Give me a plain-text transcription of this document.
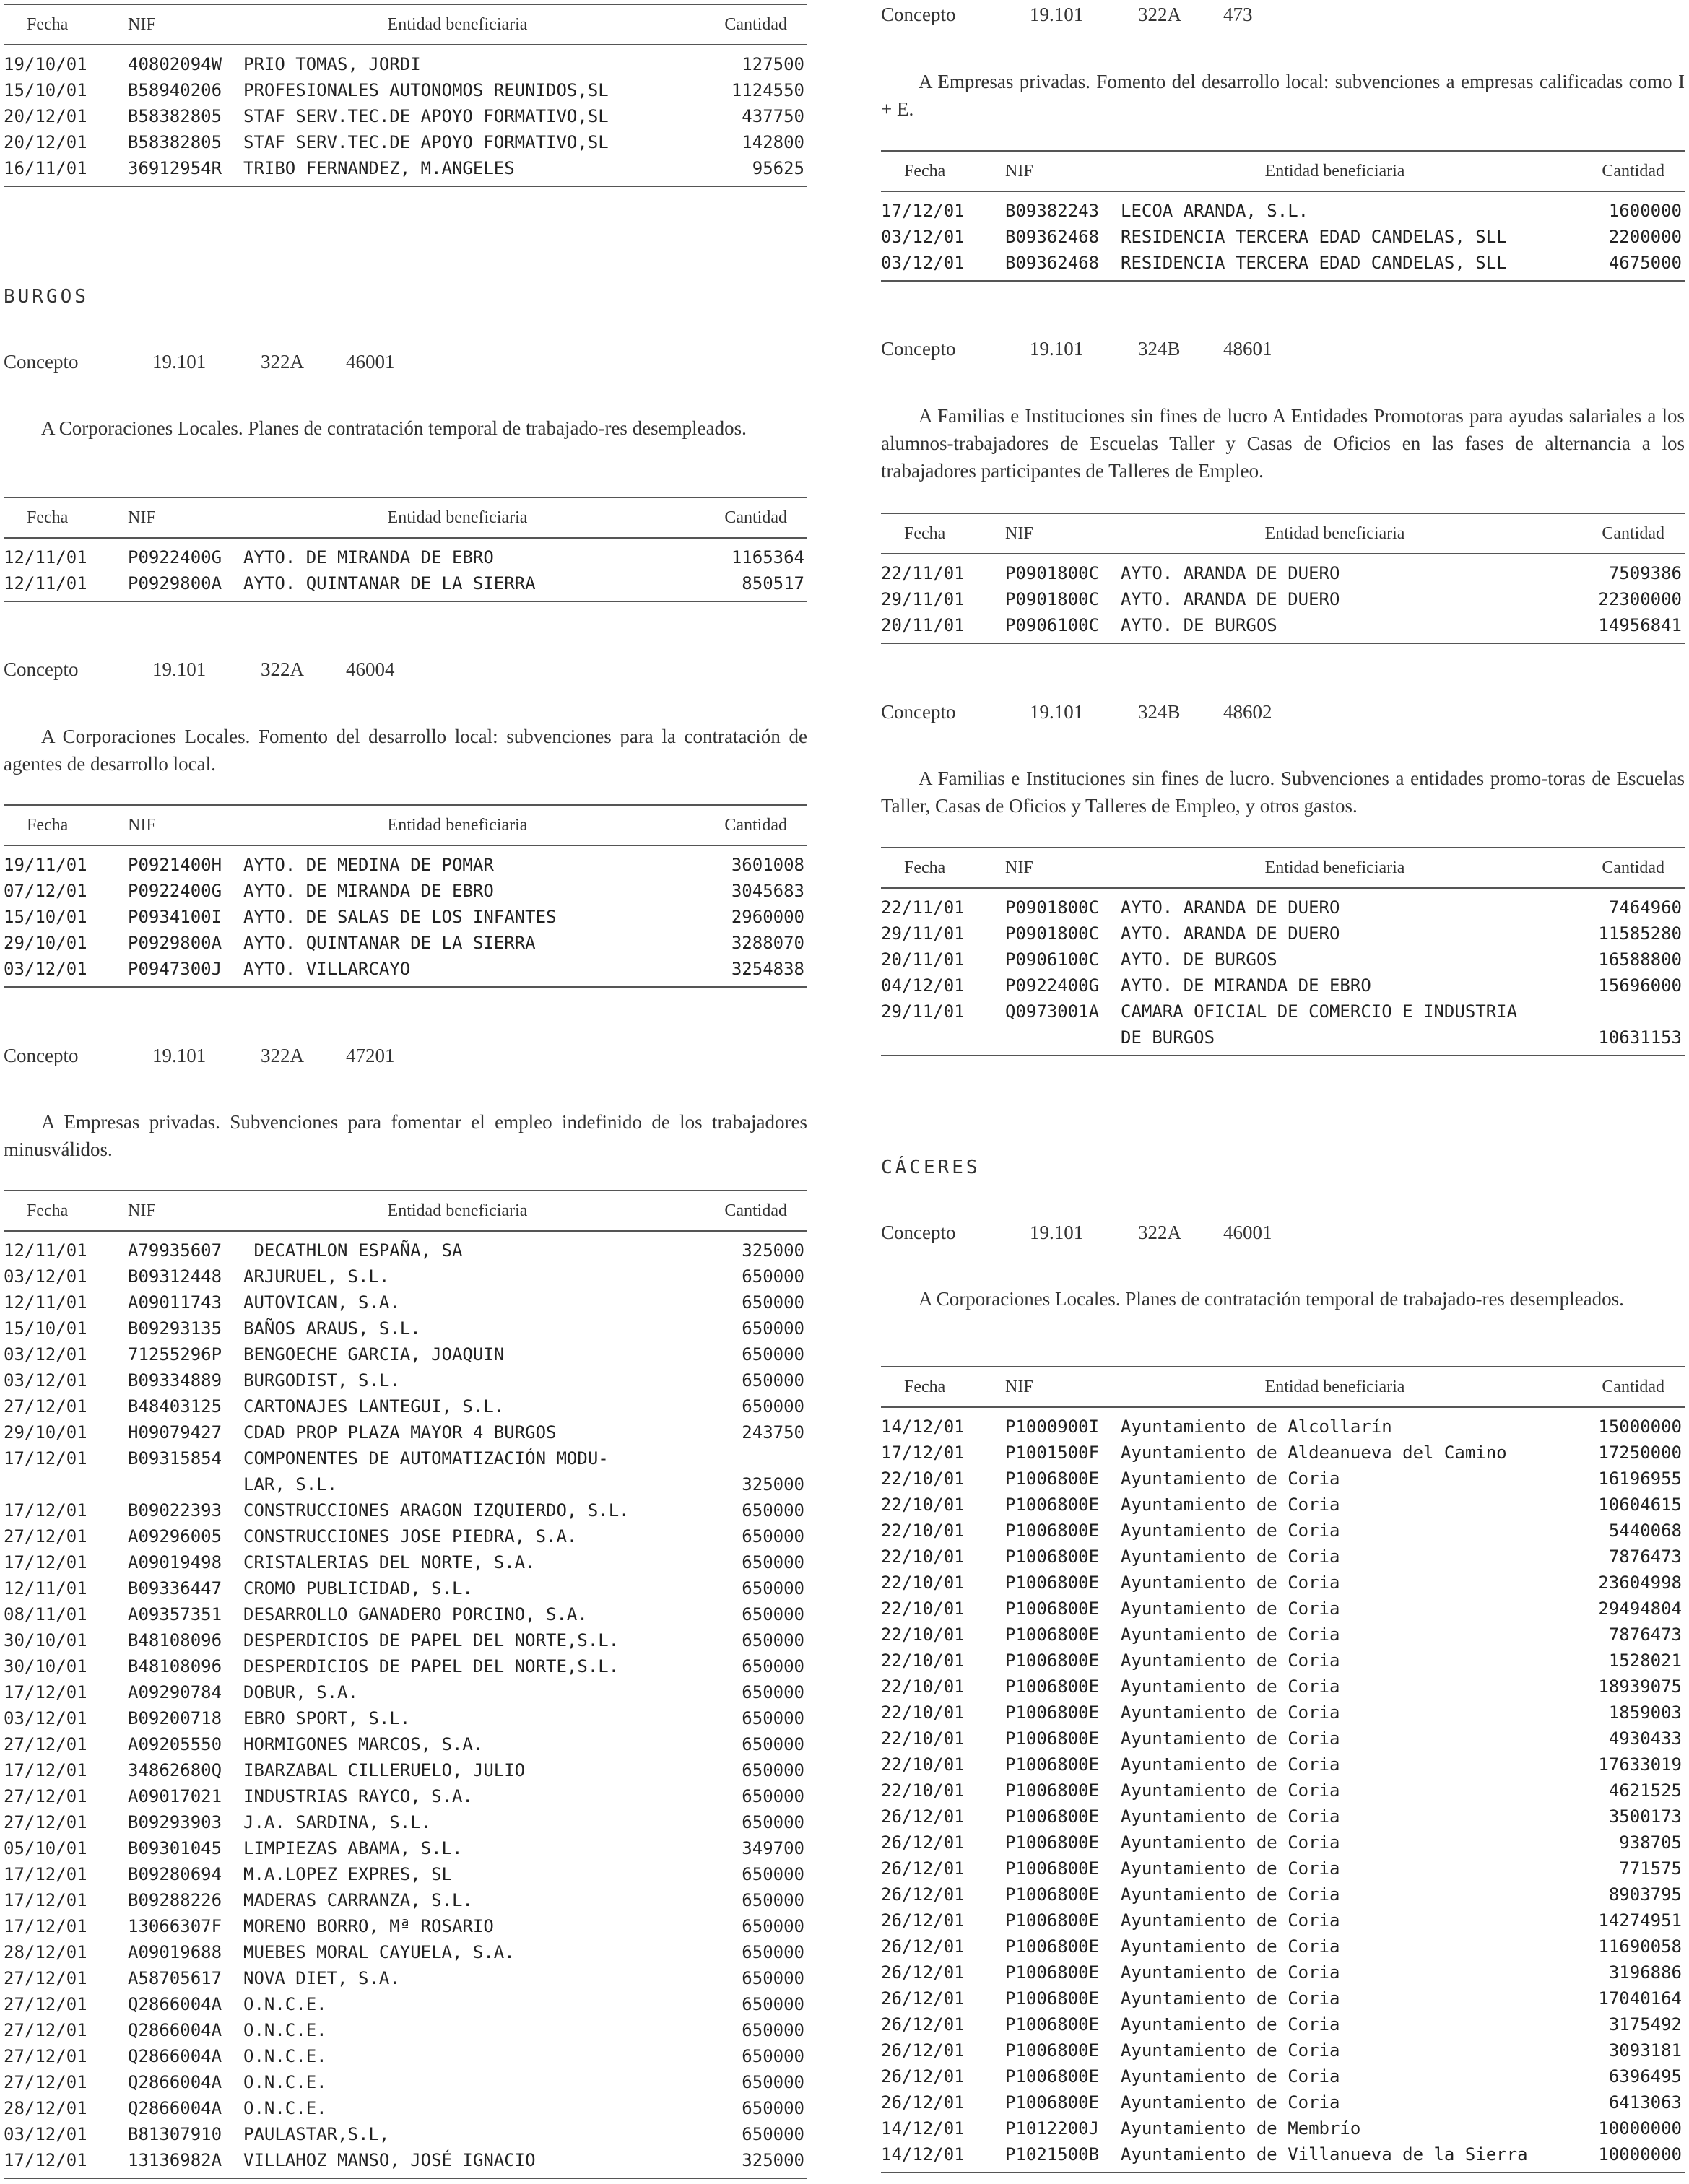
Fecha	NIF	Entidad beneficiaria	Cantidad
19/10/01	40802094W	PRIO TOMAS, JORDI	127500
15/10/01	B58940206	PROFESIONALES AUTONOMOS REUNIDOS,SL	1124550
20/12/01	B58382805	STAF SERV.TEC.DE APOYO FORMATIVO,SL	437750
20/12/01	B58382805	STAF SERV.TEC.DE APOYO FORMATIVO,SL	142800
16/11/01	36912954R	TRIBO FERNANDEZ, M.ANGELES	95625
BURGOS
Concepto	19.101	322A 46001
A Corporaciones Locales. Planes de contratación temporal de trabajado-res desempleados.
Fecha	NIF	Entidad beneficiaria	Cantidad
12/11/01	P0922400G	AYTO. DE MIRANDA DE EBRO	1165364
12/11/01	P0929800A	AYTO. QUINTANAR DE LA SIERRA	850517
Concepto	19.101	322A 46004
A Corporaciones Locales. Fomento del desarrollo local: subvenciones para la contratación de agentes de desarrollo local.
Fecha	NIF	Entidad beneficiaria	Cantidad
19/11/01	P0921400H	AYTO. DE MEDINA DE POMAR	3601008
07/12/01	P0922400G	AYTO. DE MIRANDA DE EBRO	3045683
15/10/01	P0934100I	AYTO. DE SALAS DE LOS INFANTES	2960000
29/10/01	P0929800A	AYTO. QUINTANAR DE LA SIERRA	3288070
03/12/01	P0947300J	AYTO. VILLARCAYO	3254838
Concepto	19.101	322A 47201
A Empresas privadas. Subvenciones para fomentar el empleo indefinido de los trabajadores minusválidos.
Fecha	NIF	Entidad beneficiaria	Cantidad
12/11/01	A79935607	DECATHLON ESPAÑA, SA	325000
03/12/01	B09312448	ARJURUEL, S.L.	650000
12/11/01	A09011743	AUTOVICAN, S.A.	650000
15/10/01	B09293135	BAÑOS ARAUS, S.L.	650000
03/12/01	71255296P	BENGOECHE GARCIA, JOAQUIN	650000
03/12/01	B09334889	BURGODIST, S.L.	650000
27/12/01	B48403125	CARTONAJES LANTEGUI, S.L.	650000
29/10/01	H09079427	CDAD PROP PLAZA MAYOR 4 BURGOS	243750
17/12/01	B09315854	COMPONENTES DE AUTOMATIZACIÓN MODU-
LAR, S.L.	325000
17/12/01	B09022393	CONSTRUCCIONES ARAGON IZQUIERDO, S.L.	650000
27/12/01	A09296005	CONSTRUCCIONES JOSE PIEDRA, S.A.	650000
17/12/01	A09019498	CRISTALERIAS DEL NORTE, S.A.	650000
12/11/01	B09336447	CROMO PUBLICIDAD, S.L.	650000
08/11/01	A09357351	DESARROLLO GANADERO PORCINO, S.A.	650000
30/10/01	B48108096	DESPERDICIOS DE PAPEL DEL NORTE,S.L.	650000
30/10/01	B48108096	DESPERDICIOS DE PAPEL DEL NORTE,S.L.	650000
17/12/01	A09290784	DOBUR, S.A.	650000
03/12/01	B09200718	EBRO SPORT, S.L.	650000
27/12/01	A09205550	HORMIGONES MARCOS, S.A.	650000
17/12/01	34862680Q	IBARZABAL CILLERUELO, JULIO	650000
27/12/01	A09017021	INDUSTRIAS RAYCO, S.A.	650000
27/12/01	B09293903	J.A. SARDINA, S.L.	650000
05/10/01	B09301045	LIMPIEZAS ABAMA, S.L.	349700
17/12/01	B09280694	M.A.LOPEZ EXPRES, SL	650000
17/12/01	B09288226	MADERAS CARRANZA, S.L.	650000
17/12/01	13066307F	MORENO BORRO, Mª ROSARIO	650000
28/12/01	A09019688	MUEBES MORAL CAYUELA, S.A.	650000
27/12/01	A58705617	NOVA DIET, S.A.	650000
27/12/01	Q2866004A	O.N.C.E.	650000
27/12/01	Q2866004A	O.N.C.E.	650000
27/12/01	Q2866004A	O.N.C.E.	650000
27/12/01	Q2866004A	O.N.C.E.	650000
28/12/01	Q2866004A	O.N.C.E.	650000
03/12/01	B81307910	PAULASTAR,S.L,	650000
17/12/01	13136982A	VILLAHOZ MANSO, JOSÉ IGNACIO	325000
Concepto	19.101	322A 473
A Empresas privadas. Fomento del desarrollo local: subvenciones a empresas calificadas como I + E.
Fecha	NIF	Entidad beneficiaria	Cantidad
17/12/01	B09382243	LECOA ARANDA, S.L.	1600000
03/12/01	B09362468	RESIDENCIA TERCERA EDAD CANDELAS, SLL	2200000
03/12/01	B09362468	RESIDENCIA TERCERA EDAD CANDELAS, SLL	4675000
Concepto	19.101	324B 48601
A Familias e Instituciones sin fines de lucro A Entidades Promotoras para ayudas salariales a los alumnos-trabajadores de Escuelas Taller y Casas de Oficios en las fases de alternancia a los trabajadores participantes de Talleres de Empleo.
Fecha	NIF	Entidad beneficiaria	Cantidad
22/11/01	P0901800C	AYTO. ARANDA DE DUERO	7509386
29/11/01	P0901800C	AYTO. ARANDA DE DUERO	22300000
20/11/01	P0906100C	AYTO. DE BURGOS	14956841
Concepto	19.101	324B 48602
A Familias e Instituciones sin fines de lucro. Subvenciones a entidades promo-toras de Escuelas Taller, Casas de Oficios y Talleres de Empleo, y otros gastos.
Fecha	NIF	Entidad beneficiaria	Cantidad
22/11/01	P0901800C	AYTO. ARANDA DE DUERO	7464960
29/11/01	P0901800C	AYTO. ARANDA DE DUERO	11585280
20/11/01	P0906100C	AYTO. DE BURGOS	16588800
04/12/01	P0922400G	AYTO. DE MIRANDA DE EBRO	15696000
29/11/01	Q0973001A	CAMARA OFICIAL DE COMERCIO E INDUSTRIA
DE BURGOS	10631153
CÁCERES
Concepto	19.101	322A 46001
A Corporaciones Locales. Planes de contratación temporal de trabajado-res desempleados.
Fecha	NIF	Entidad beneficiaria	Cantidad
14/12/01	P1000900I	Ayuntamiento de Alcollarín	15000000
17/12/01	P1001500F	Ayuntamiento de Aldeanueva del Camino	17250000
22/10/01	P1006800E	Ayuntamiento de Coria	16196955
22/10/01	P1006800E	Ayuntamiento de Coria	10604615
22/10/01	P1006800E	Ayuntamiento de Coria	5440068
22/10/01	P1006800E	Ayuntamiento de Coria	7876473
22/10/01	P1006800E	Ayuntamiento de Coria	23604998
22/10/01	P1006800E	Ayuntamiento de Coria	29494804
22/10/01	P1006800E	Ayuntamiento de Coria	7876473
22/10/01	P1006800E	Ayuntamiento de Coria	1528021
22/10/01	P1006800E	Ayuntamiento de Coria	18939075
22/10/01	P1006800E	Ayuntamiento de Coria	1859003
22/10/01	P1006800E	Ayuntamiento de Coria	4930433
22/10/01	P1006800E	Ayuntamiento de Coria	17633019
22/10/01	P1006800E	Ayuntamiento de Coria	4621525
26/12/01	P1006800E	Ayuntamiento de Coria	3500173
26/12/01	P1006800E	Ayuntamiento de Coria	938705
26/12/01	P1006800E	Ayuntamiento de Coria	771575
26/12/01	P1006800E	Ayuntamiento de Coria	8903795
26/12/01	P1006800E	Ayuntamiento de Coria	14274951
26/12/01	P1006800E	Ayuntamiento de Coria	11690058
26/12/01	P1006800E	Ayuntamiento de Coria	3196886
26/12/01	P1006800E	Ayuntamiento de Coria	17040164
26/12/01	P1006800E	Ayuntamiento de Coria	3175492
26/12/01	P1006800E	Ayuntamiento de Coria	3093181
26/12/01	P1006800E	Ayuntamiento de Coria	6396495
26/12/01	P1006800E	Ayuntamiento de Coria	6413063
14/12/01	P1012200J	Ayuntamiento de Membrío	10000000
14/12/01	P1021500B	Ayuntamiento de Villanueva de la Sierra	10000000
